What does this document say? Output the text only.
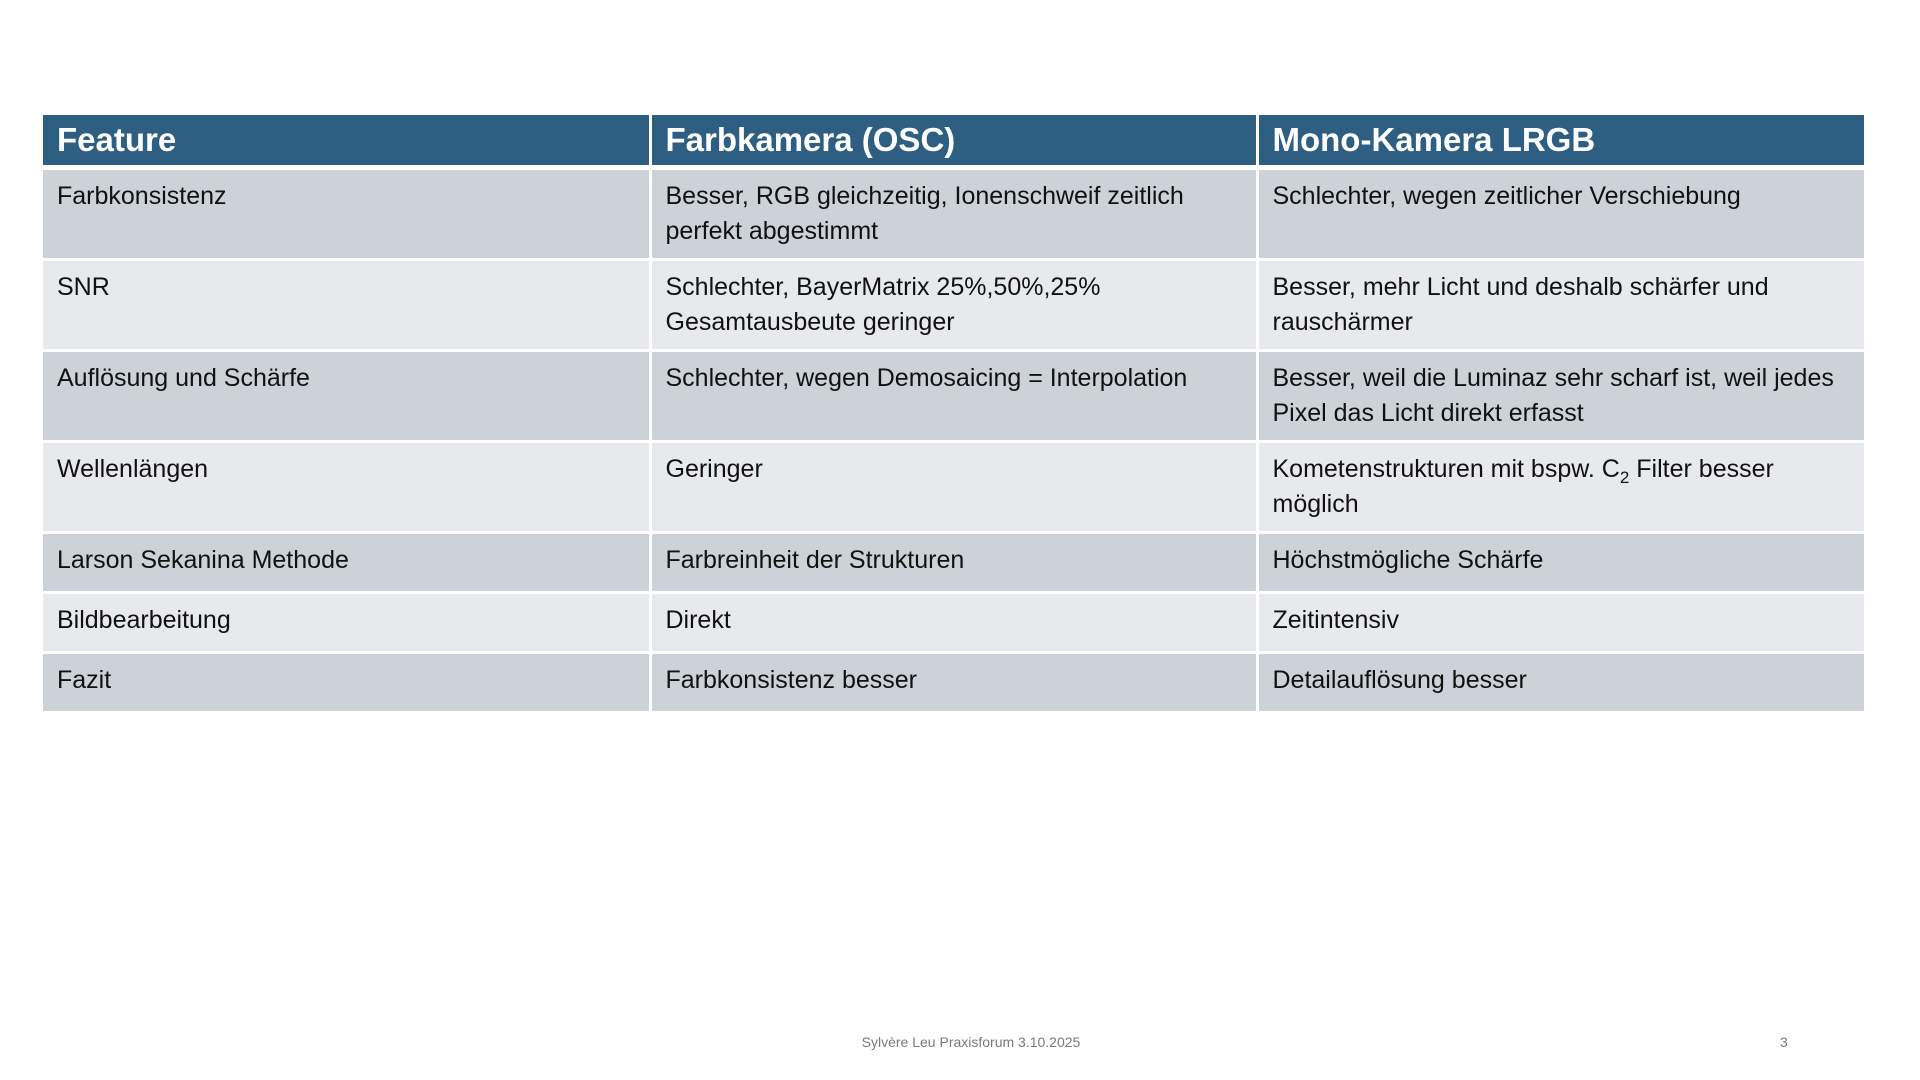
Feature	Farbkamera (OSC)	Mono-Kamera LRGB
Farbkonsistenz	Besser, RGB gleichzeitig, Ionenschweif zeitlich perfekt abgestimmt	Schlechter, wegen zeitlicher Verschiebung
SNR	Schlechter, BayerMatrix 25%,50%,25% Gesamtausbeute geringer	Besser, mehr Licht und deshalb schärfer und rauschärmer
Auflösung und Schärfe	Schlechter, wegen Demosaicing = Interpolation	Besser, weil die Luminaz sehr scharf ist, weil jedes Pixel das Licht direkt erfasst
Wellenlängen	Geringer	Kometenstrukturen mit bspw. $C_2$ Filter besser möglich
Larson Sekanina Methode	Farbreinheit der Strukturen	Höchstmögliche Schärfe
Bildbearbeitung	Direkt	Zeitintensiv
Fazit	Farbkonsistenz besser	Detailauflösung besser
Sylvère Leu Praxisforum 3.10.2025	3
